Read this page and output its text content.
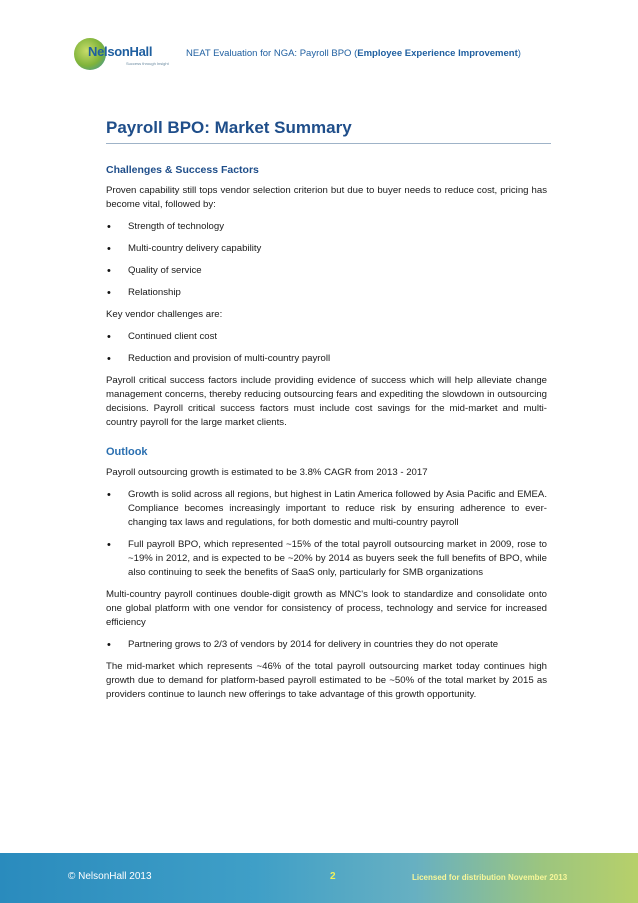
NelsonHall
Success through Insight
NEAT Evaluation for NGA: Payroll BPO (Employee Experience Improvement)
Payroll BPO: Market Summary
Challenges & Success Factors

Proven capability still tops vendor selection criterion but due to buyer needs to reduce cost, pricing has become vital, followed by:

• Strength of technology
• Multi-country delivery capability
• Quality of service
• Relationship

Key vendor challenges are:

• Continued client cost
• Reduction and provision of multi-country payroll

Payroll critical success factors include providing evidence of success which will help alleviate change management concerns, thereby reducing outsourcing fears and expediting the slowdown in outsourcing decisions. Payroll critical success factors must include cost savings for the mid-market and multi-country payroll for the large market clients.

Outlook

Payroll outsourcing growth is estimated to be 3.8% CAGR from 2013 - 2017

• Growth is solid across all regions, but highest in Latin America followed by Asia Pacific and EMEA. Compliance becomes increasingly important to reduce risk by ensuring adherence to ever-changing tax laws and regulations, for both domestic and multi-country payroll
• Full payroll BPO, which represented ~15% of the total payroll outsourcing market in 2009, rose to ~19% in 2012, and is expected to be ~20% by 2014 as buyers seek the full benefits of BPO, while also continuing to seek the benefits of SaaS only, particularly for SMB organizations

Multi-country payroll continues double-digit growth as MNC's look to standardize and consolidate onto one global platform with one vendor for consistency of process, technology and service for increased efficiency

• Partnering grows to 2/3 of vendors by 2014 for delivery in countries they do not operate

The mid-market which represents ~46% of the total payroll outsourcing market today continues high growth due to demand for platform-based payroll estimated to be ~50% of the total market by 2015 as providers continue to launch new offerings to take advantage of this growth opportunity.

© NelsonHall 2013	2	Licensed for distribution November 2013
